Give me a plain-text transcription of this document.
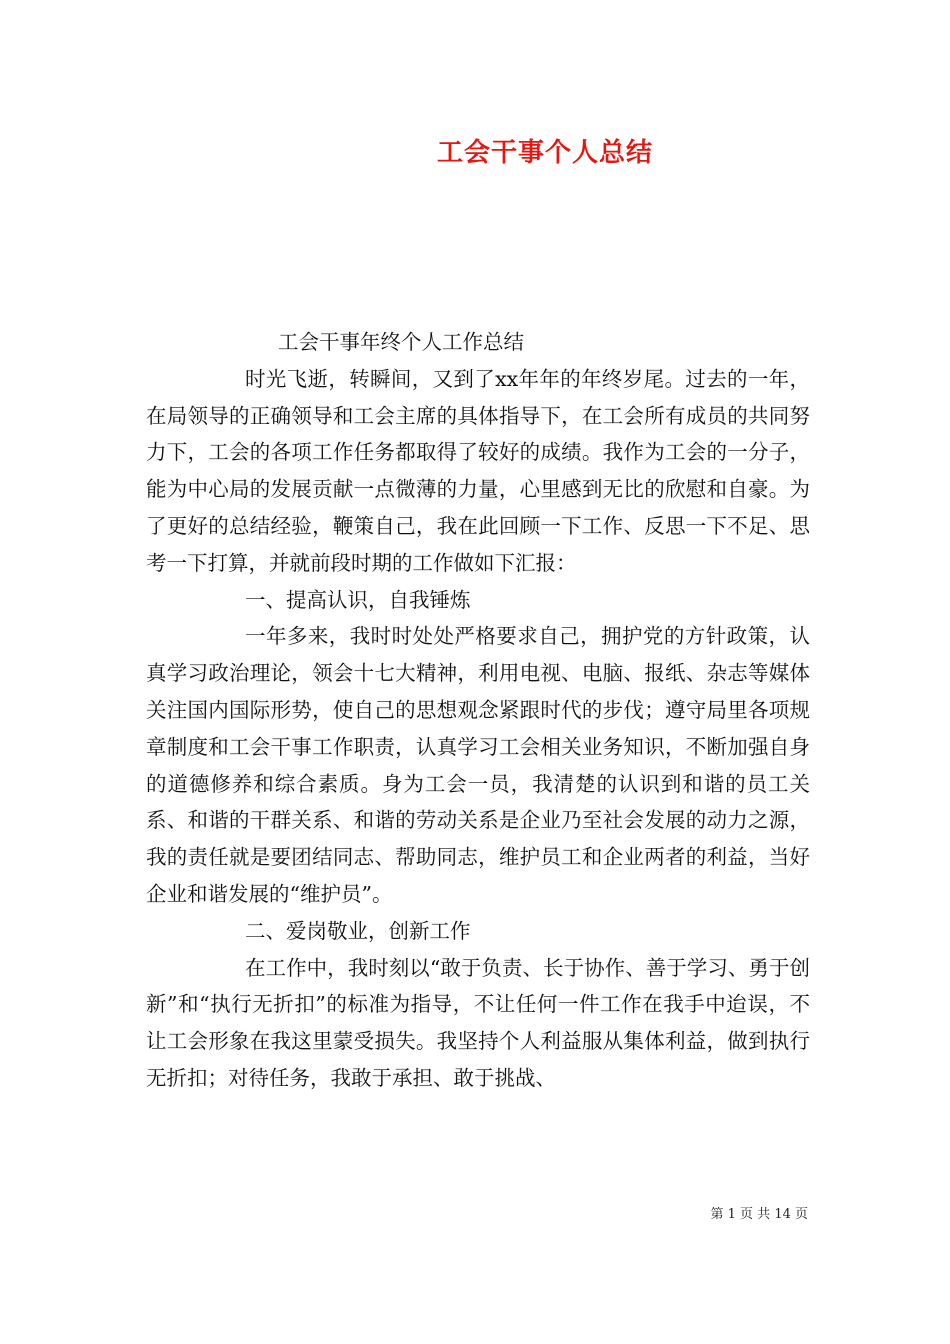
工会干事个人总结

工会干事年终个人工作总结

时光飞逝，转瞬间，又到了xx年年的年终岁尾。过去的一年，在局领导的正确领导和工会主席的具体指导下，在工会所有成员的共同努力下，工会的各项工作任务都取得了较好的成绩。我作为工会的一分子，能为中心局的发展贡献一点微薄的力量，心里感到无比的欣慰和自豪。为了更好的总结经验，鞭策自己，我在此回顾一下工作、反思一下不足、思考一下打算，并就前段时期的工作做如下汇报：

一、提高认识，自我锤炼

一年多来，我时时处处严格要求自己，拥护党的方针政策，认真学习政治理论，领会十七大精神，利用电视、电脑、报纸、杂志等媒体关注国内国际形势，使自己的思想观念紧跟时代的步伐；遵守局里各项规章制度和工会干事工作职责，认真学习工会相关业务知识，不断加强自身的道德修养和综合素质。身为工会一员，我清楚的认识到和谐的员工关系、和谐的干群关系、和谐的劳动关系是企业乃至社会发展的动力之源，我的责任就是要团结同志、帮助同志，维护员工和企业两者的利益，当好企业和谐发展的“维护员”。

二、爱岗敬业，创新工作

在工作中，我时刻以“敢于负责、长于协作、善于学习、勇于创新”和“执行无折扣”的标准为指导，不让任何一件工作在我手中迨误，不让工会形象在我这里蒙受损失。我坚持个人利益服从集体利益，做到执行无折扣；对待任务，我敢于承担、敢于挑战、

第 1 页 共 14 页
